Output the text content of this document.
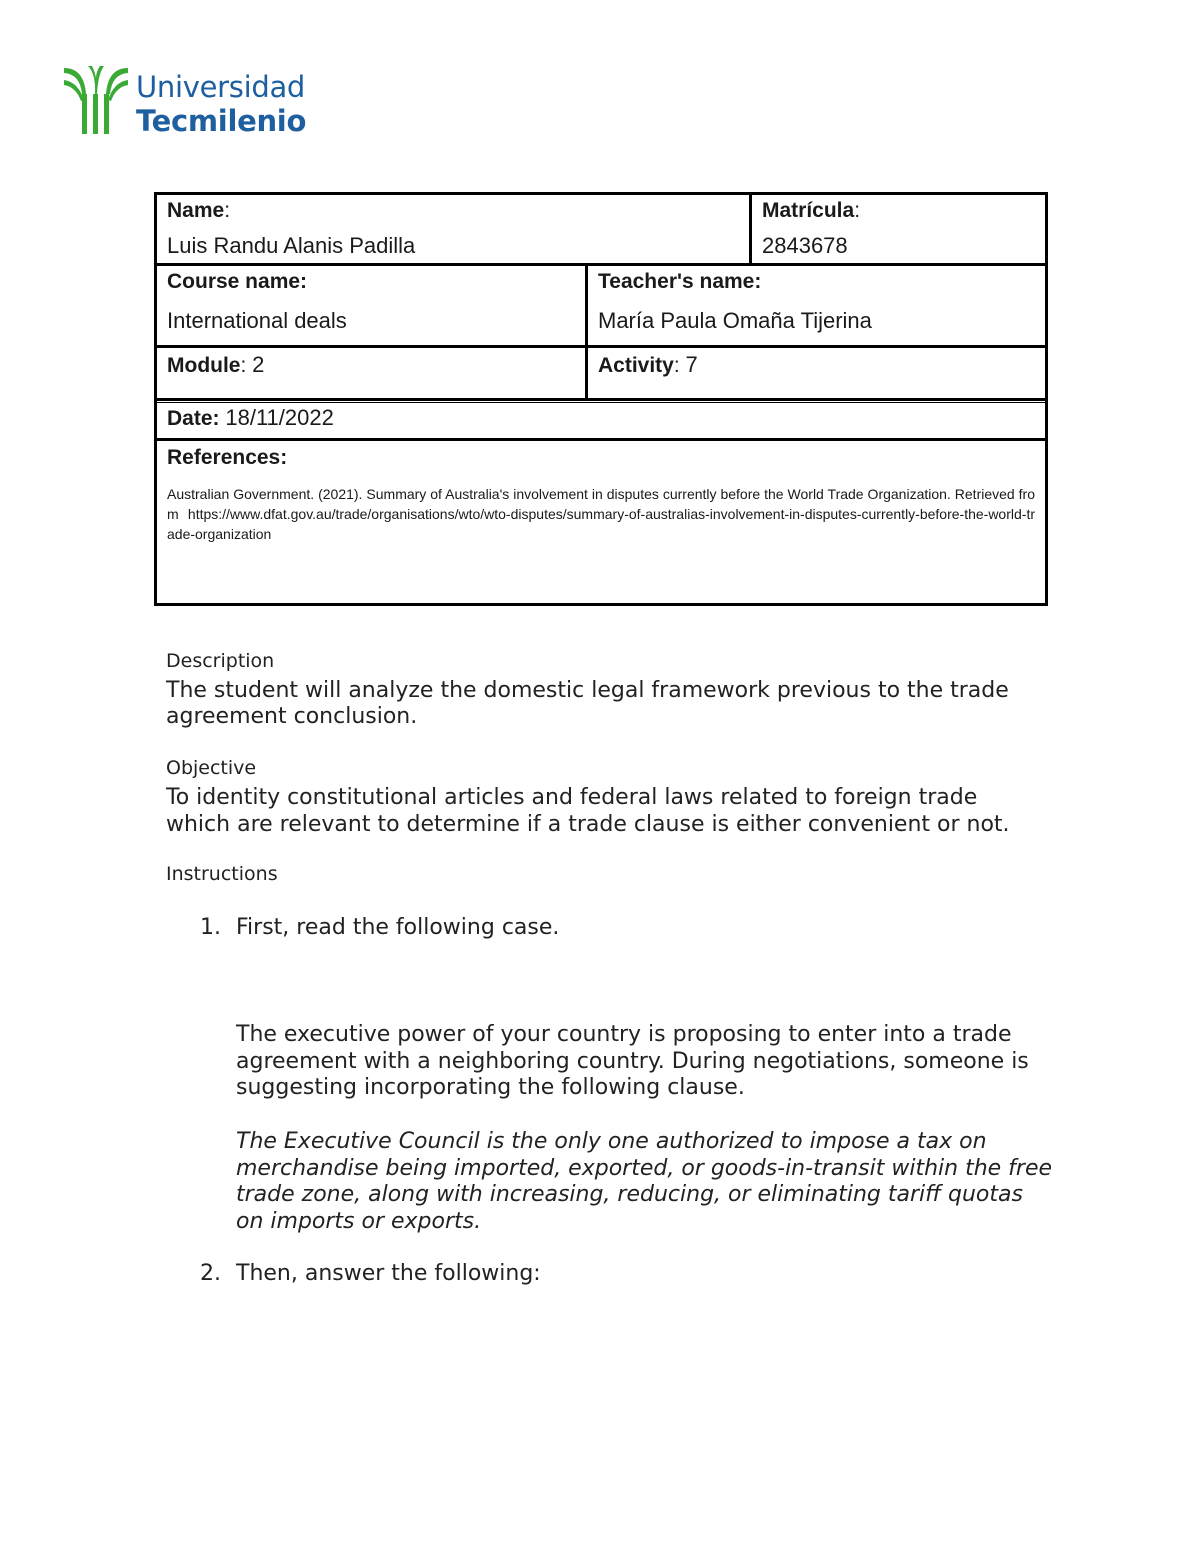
Universidad
Tecmilenio
Name:
Luis Randu Alanis Padilla
Matrícula:
2843678
Course name:
International deals
Teacher's name:
María Paula Omaña Tijerina
Module: 2	Activity: 7
Date: 18/11/2022
References:
Australian Government. (2021). Summary of Australia's involvement in disputes currently before the World Trade Organization. Retrieved from https://www.dfat.gov.au/trade/organisations/wto/wto-disputes/summary-of-australias-involvement-in-disputes-currently-before-the-world-trade-organization
Description
The student will analyze the domestic legal framework previous to the trade agreement conclusion.
Objective
To identity constitutional articles and federal laws related to foreign trade which are relevant to determine if a trade clause is either convenient or not.
Instructions
1. First, read the following case.
The executive power of your country is proposing to enter into a trade agreement with a neighboring country. During negotiations, someone is suggesting incorporating the following clause.
The Executive Council is the only one authorized to impose a tax on merchandise being imported, exported, or goods-in-transit within the free trade zone, along with increasing, reducing, or eliminating tariff quotas on imports or exports.
2. Then, answer the following:
